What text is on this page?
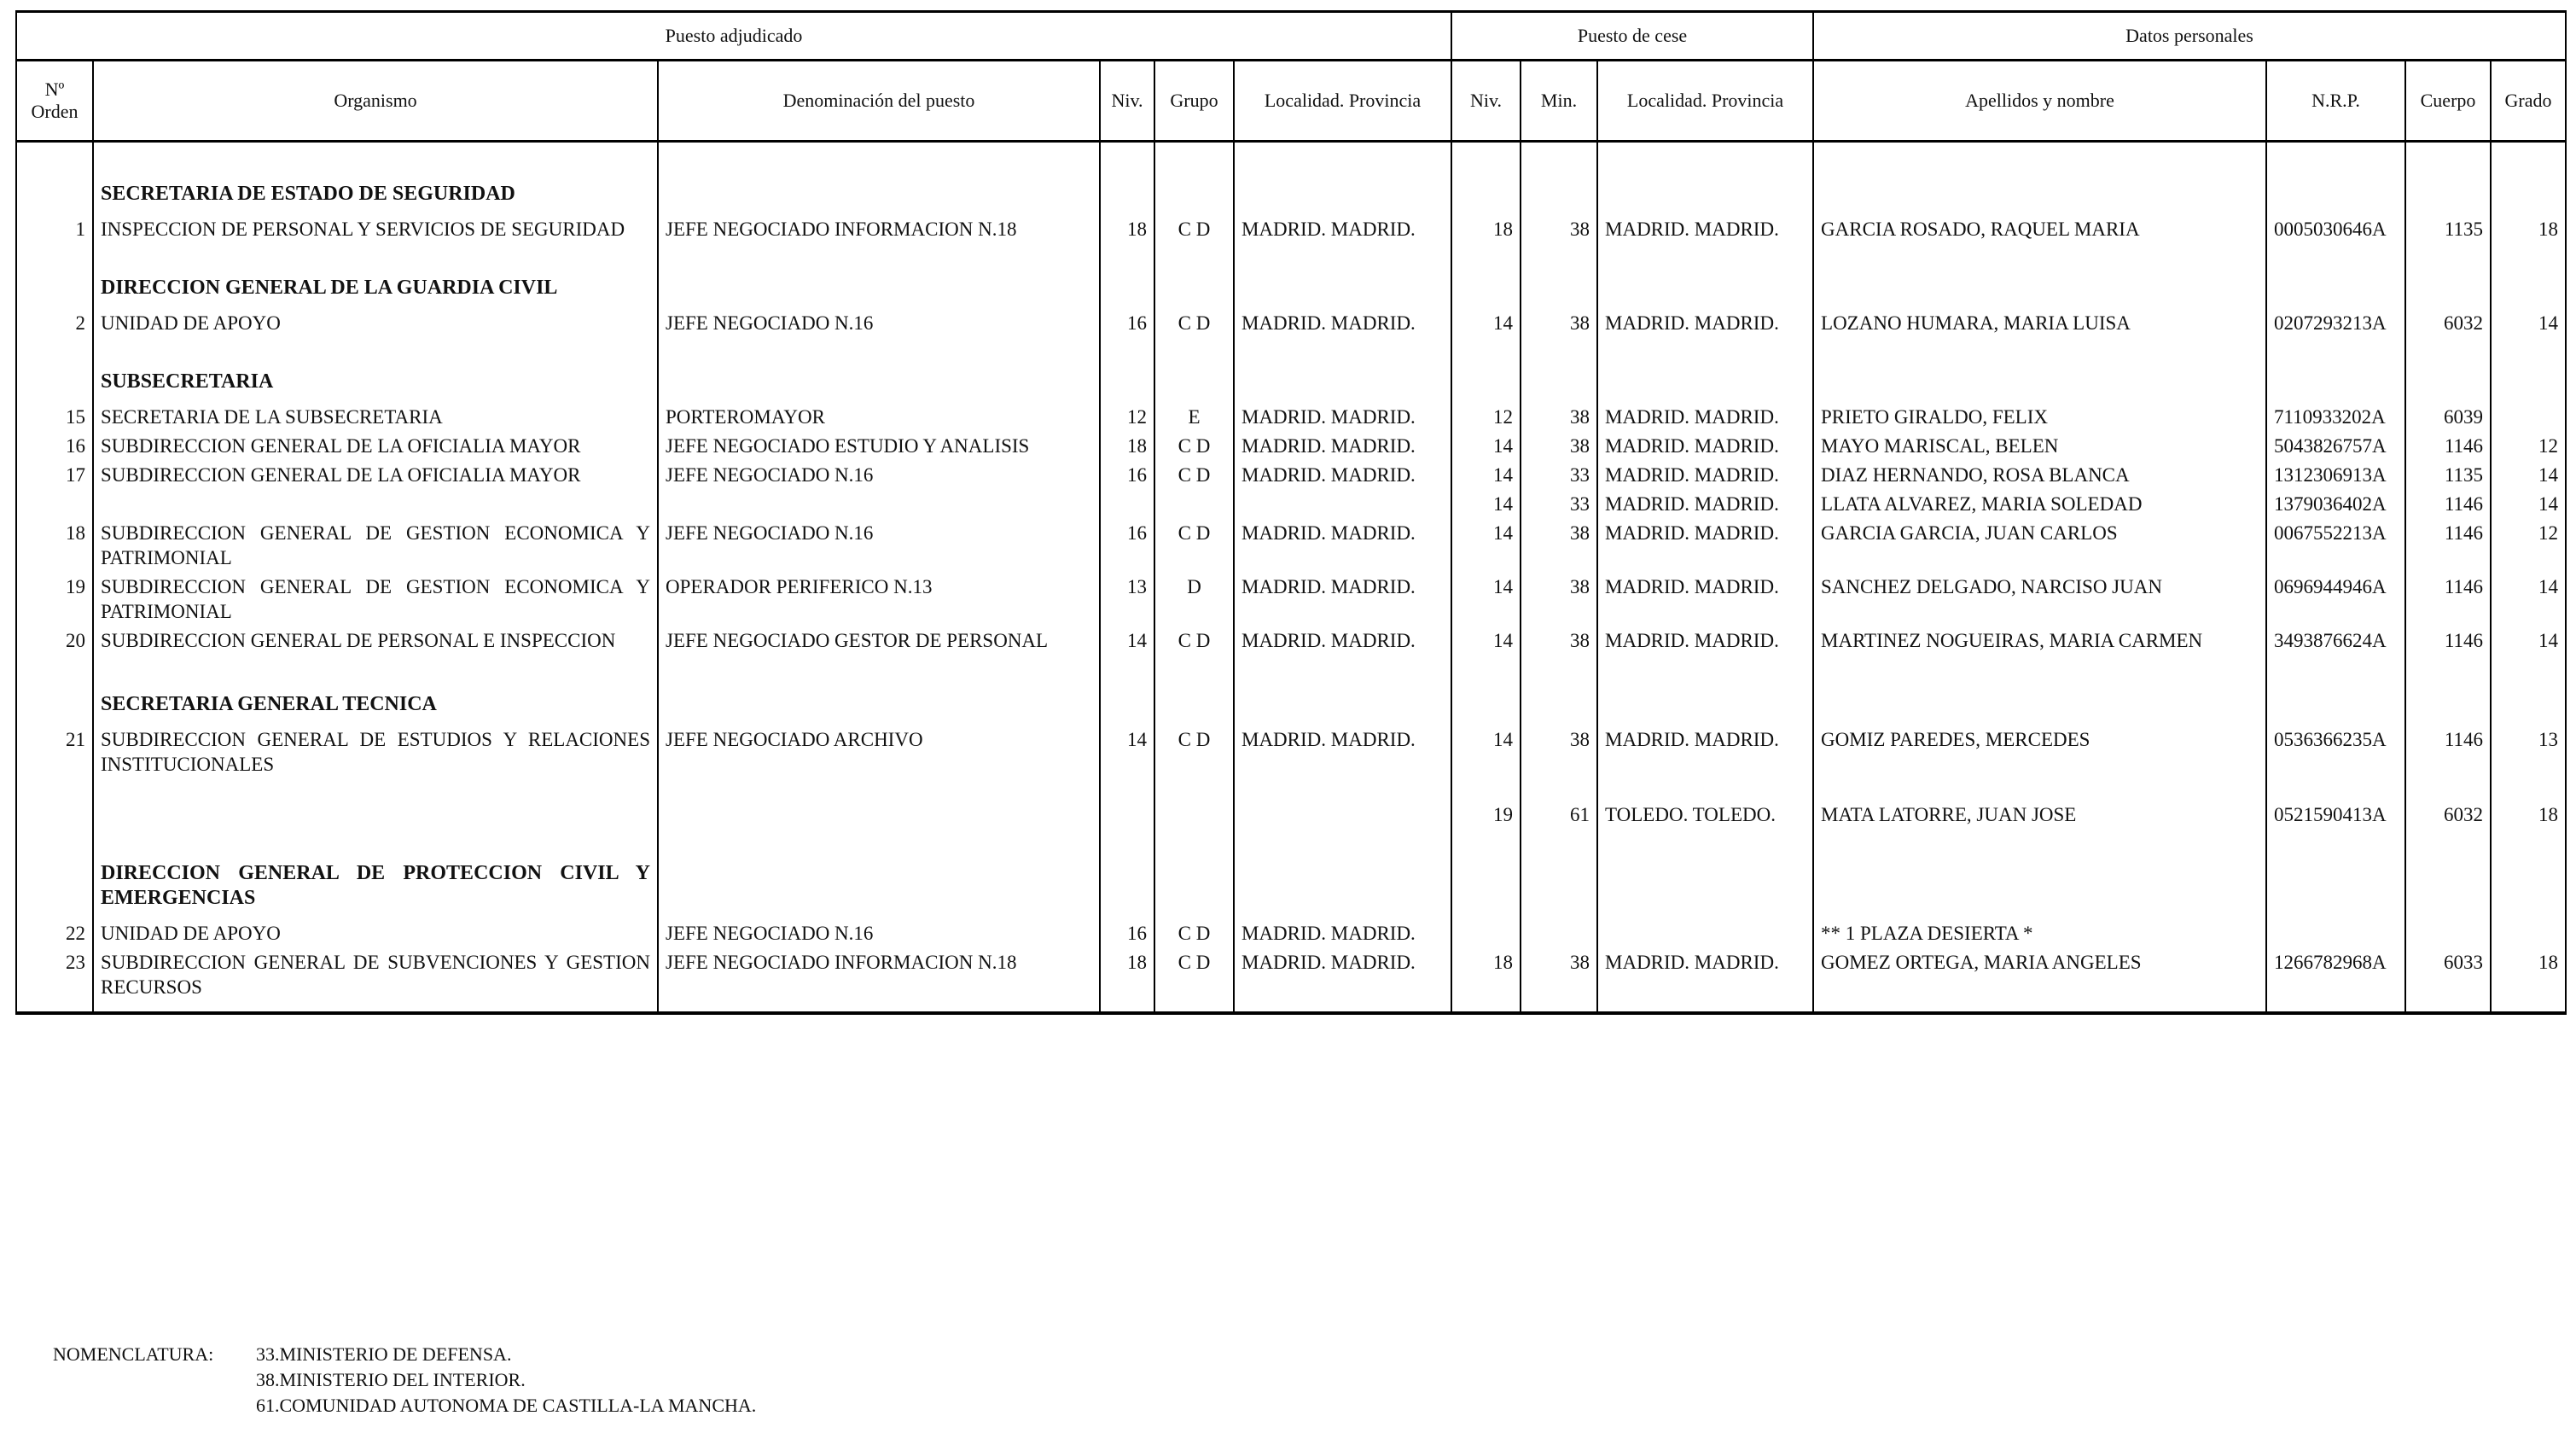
Puesto adjudicado						Puesto de cese			Datos personales			
Nº Orden	Organismo	Denominación del puesto	Niv.	Grupo	Localidad. Provincia	Niv.	Min.	Localidad. Provincia	Apellidos y nombre	N.R.P.	Cuerpo	Grado
	SECRETARIA DE ESTADO DE SEGURIDAD											
1	INSPECCION DE PERSONAL Y SERVICIOS DE SEGURIDAD	JEFE NEGOCIADO INFORMACION N.18	18	C D	MADRID. MADRID.	18	38	MADRID. MADRID.	GARCIA ROSADO, RAQUEL MARIA	0005030646A	1135	18
	DIRECCION GENERAL DE LA GUARDIA CIVIL											
2	UNIDAD DE APOYO	JEFE NEGOCIADO N.16	16	C D	MADRID. MADRID.	14	38	MADRID. MADRID.	LOZANO HUMARA, MARIA LUISA	0207293213A	6032	14
	SUBSECRETARIA											
15	SECRETARIA DE LA SUBSECRETARIA	PORTEROMAYOR	12	E	MADRID. MADRID.	12	38	MADRID. MADRID.	PRIETO GIRALDO, FELIX	7110933202A	6039	
16	SUBDIRECCION GENERAL DE LA OFICIALIA MAYOR	JEFE NEGOCIADO ESTUDIO Y ANALISIS	18	C D	MADRID. MADRID.	14	38	MADRID. MADRID.	MAYO MARISCAL, BELEN	5043826757A	1146	12
17	SUBDIRECCION GENERAL DE LA OFICIALIA MAYOR	JEFE NEGOCIADO N.16	16	C D	MADRID. MADRID.	14	33	MADRID. MADRID.	DIAZ HERNANDO, ROSA BLANCA	1312306913A	1135	14
						14	33	MADRID. MADRID.	LLATA ALVAREZ, MARIA SOLEDAD	1379036402A	1146	14
18	SUBDIRECCION GENERAL DE GESTION ECONOMICA Y PATRIMONIAL	JEFE NEGOCIADO N.16	16	C D	MADRID. MADRID.	14	38	MADRID. MADRID.	GARCIA GARCIA, JUAN CARLOS	0067552213A	1146	12
19	SUBDIRECCION GENERAL DE GESTION ECONOMICA Y PATRIMONIAL	OPERADOR PERIFERICO N.13	13	D	MADRID. MADRID.	14	38	MADRID. MADRID.	SANCHEZ DELGADO, NARCISO JUAN	0696944946A	1146	14
20	SUBDIRECCION GENERAL DE PERSONAL E INSPECCION	JEFE NEGOCIADO GESTOR DE PERSONAL	14	C D	MADRID. MADRID.	14	38	MADRID. MADRID.	MARTINEZ NOGUEIRAS, MARIA CARMEN	3493876624A	1146	14
	SECRETARIA GENERAL TECNICA											
21	SUBDIRECCION GENERAL DE ESTUDIOS Y RELACIONES INSTITUCIONALES	JEFE NEGOCIADO ARCHIVO	14	C D	MADRID. MADRID.	14	38	MADRID. MADRID.	GOMIZ PAREDES, MERCEDES	0536366235A	1146	13
						19	61	TOLEDO. TOLEDO.	MATA LATORRE, JUAN JOSE	0521590413A	6032	18
	DIRECCION GENERAL DE PROTECCION CIVIL Y EMERGENCIAS											
22	UNIDAD DE APOYO	JEFE NEGOCIADO N.16	16	C D	MADRID. MADRID.				** 1 PLAZA DESIERTA *			
23	SUBDIRECCION GENERAL DE SUBVENCIONES Y GESTION RECURSOS	JEFE NEGOCIADO INFORMACION N.18	18	C D	MADRID. MADRID.	18	38	MADRID. MADRID.	GOMEZ ORTEGA, MARIA ANGELES	1266782968A	6033	18
NOMENCLATURA:	33.MINISTERIO DE DEFENSA.
38.MINISTERIO DEL INTERIOR.
61.COMUNIDAD AUTONOMA DE CASTILLA-LA MANCHA.
